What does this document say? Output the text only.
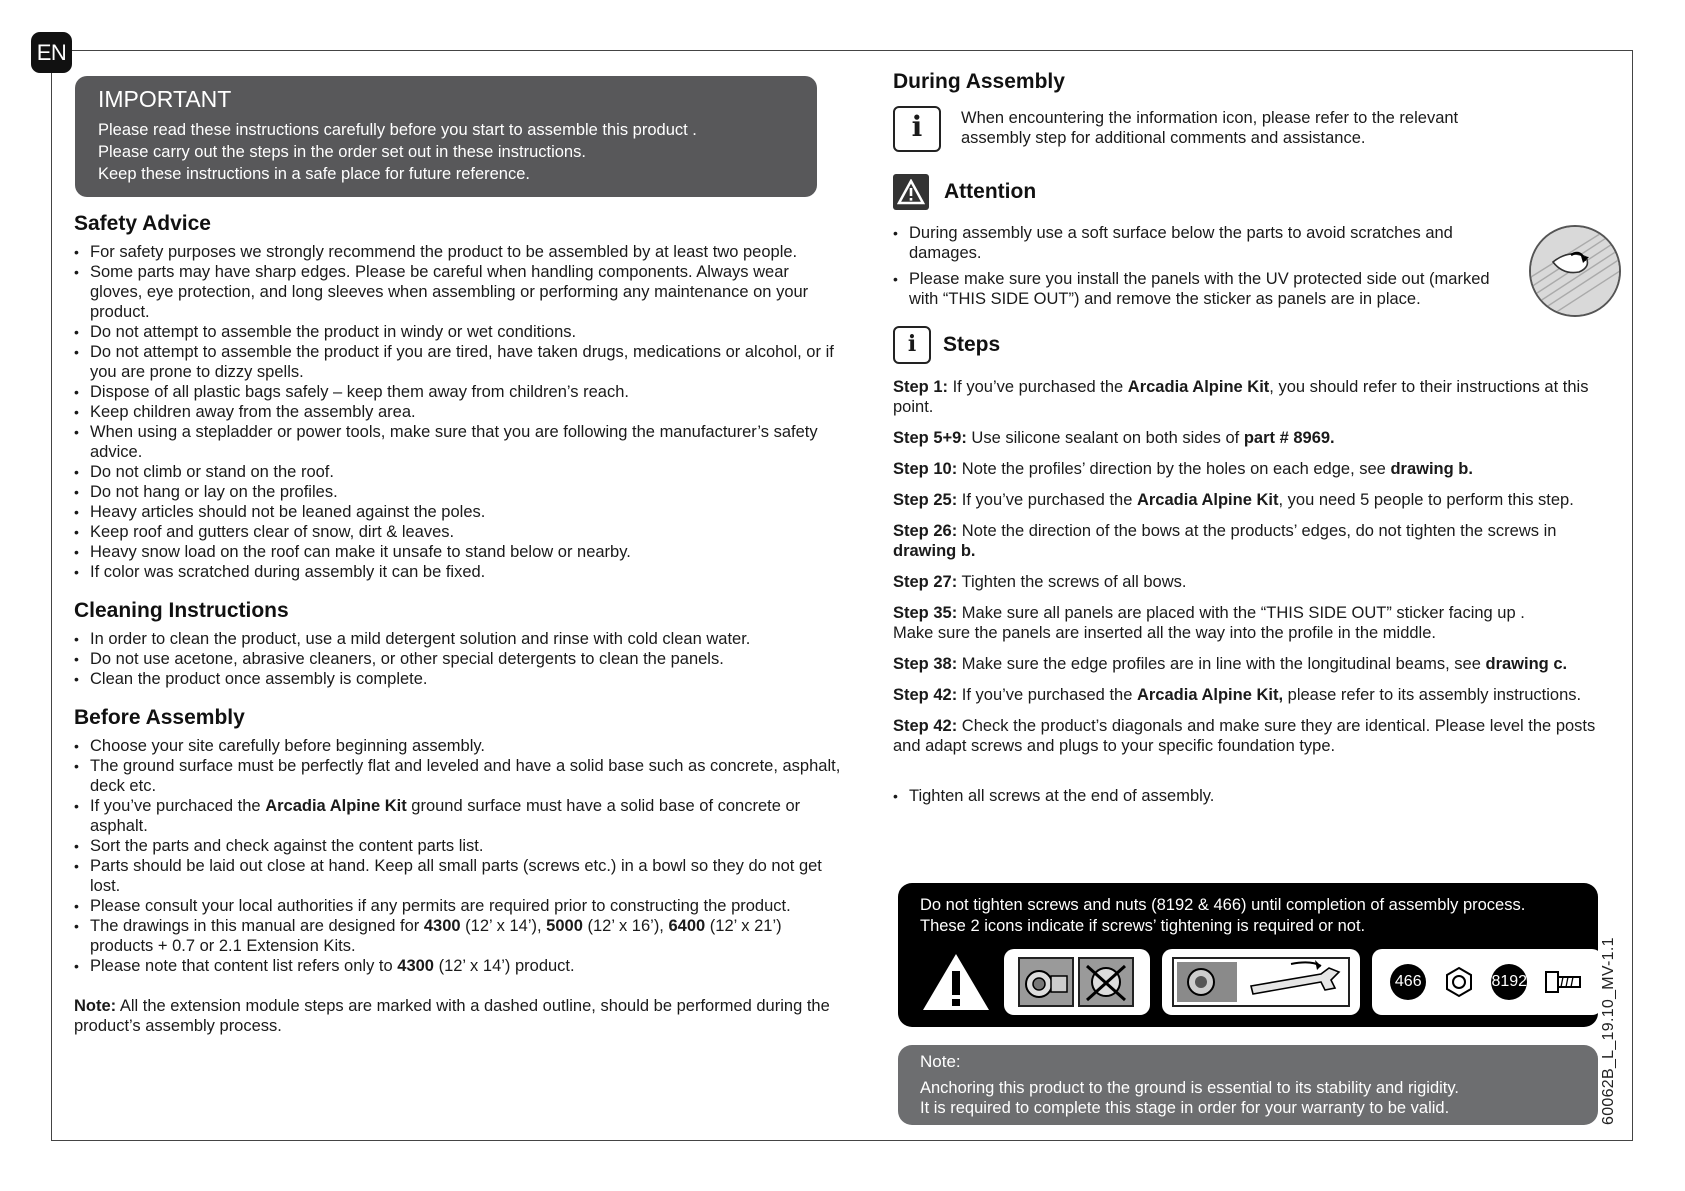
EN
IMPORTANT
Please read these instructions carefully before you start to assemble this product .
Please carry out the steps in the order set out in these instructions.
Keep these instructions in a safe place for future reference.
Safety Advice
• For safety purposes we strongly recommend the product to be assembled by at least two people.
• Some parts may have sharp edges. Please be careful when handling components. Always wear gloves, eye protection, and long sleeves when assembling or performing any maintenance on your product.
• Do not attempt to assemble the product in windy or wet conditions.
• Do not attempt to assemble the product if you are tired, have taken drugs, medications or alcohol, or if you are prone to dizzy spells.
• Dispose of all plastic bags safely – keep them away from children’s reach.
• Keep children away from the assembly area.
• When using a stepladder or power tools, make sure that you are following the manufacturer’s safety advice.
• Do not climb or stand on the roof.
• Do not hang or lay on the profiles.
• Heavy articles should not be leaned against the poles.
• Keep roof and gutters clear of snow, dirt & leaves.
• Heavy snow load on the roof can make it unsafe to stand below or nearby.
• If color was scratched during assembly it can be fixed.
Cleaning Instructions
• In order to clean the product, use a mild detergent solution and rinse with cold clean water.
• Do not use acetone, abrasive cleaners, or other special detergents to clean the panels.
• Clean the product once assembly is complete.
Before Assembly
• Choose your site carefully before beginning assembly.
• The ground surface must be perfectly flat and leveled and have a solid base such as concrete, asphalt, deck etc.
• If you’ve purchaced the Arcadia Alpine Kit ground surface must have a solid base of concrete or asphalt.
• Sort the parts and check against the content parts list.
• Parts should be laid out close at hand. Keep all small parts (screws etc.) in a bowl so they do not get lost.
• Please consult your local authorities if any permits are required prior to constructing the product.
• The drawings in this manual are designed for 4300 (12’ x 14’), 5000 (12’ x 16’), 6400 (12’ x 21’) products + 0.7 or 2.1 Extension Kits.
• Please note that content list refers only to 4300 (12’ x 14’) product.
Note: All the extension module steps are marked with a dashed outline, should be performed during the product’s assembly process.
During Assembly
i	When encountering the information icon, please refer to the relevant assembly step for additional comments and assistance.
Attention
• During assembly use a soft surface below the parts to avoid scratches and damages.
• Please make sure you install the panels with the UV protected side out (marked with “THIS SIDE OUT”) and remove the sticker as panels are in place.
i	Steps
Step 1: If you’ve purchased the Arcadia Alpine Kit, you should refer to their instructions at this point.
Step 5+9: Use silicone sealant on both sides of part # 8969.
Step 10: Note the profiles’ direction by the holes on each edge, see drawing b.
Step 25: If you’ve purchased the Arcadia Alpine Kit, you need 5 people to perform this step.
Step 26: Note the direction of the bows at the products’ edges, do not tighten the screws in drawing b.
Step 27: Tighten the screws of all bows.
Step 35: Make sure all panels are placed with the “THIS SIDE OUT” sticker facing up .
Make sure the panels are inserted all the way into the profile in the middle.
Step 38: Make sure the edge profiles are in line with the longitudinal beams, see drawing c.
Step 42: If you’ve purchased the Arcadia Alpine Kit, please refer to its assembly instructions.
Step 42: Check the product’s diagonals and make sure they are identical. Please level the posts and adapt screws and plugs to your specific foundation type.
• Tighten all screws at the end of assembly.
Do not tighten screws and nuts (8192 & 466) until completion of assembly process.
These 2 icons indicate if screws’ tightening is required or not.
466	8192
Note:
Anchoring this product to the ground is essential to its stability and rigidity.
It is required to complete this stage in order for your warranty to be valid.	60062B_L_19.10_MV-1.1
